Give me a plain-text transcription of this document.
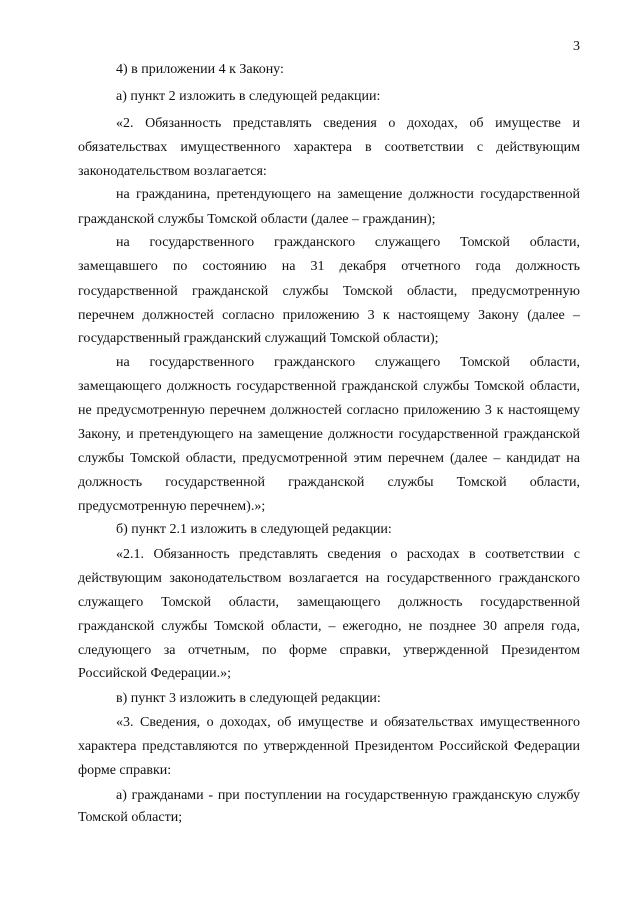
3
4) в приложении 4 к Закону:
а) пункт 2 изложить в следующей редакции:
«2. Обязанность представлять сведения о доходах, об имуществе и
обязательствах имущественного характера в соответствии с действующим
законодательством возлагается:
на гражданина, претендующего на замещение должности государственной
гражданской службы Томской области (далее – гражданин);
на государственного гражданского служащего Томской области,
замещавшего по состоянию на 31 декабря отчетного года должность
государственной гражданской службы Томской области, предусмотренную
перечнем должностей согласно приложению 3 к настоящему Закону (далее –
государственный гражданский служащий Томской области);
на государственного гражданского служащего Томской области,
замещающего должность государственной гражданской службы Томской области,
не предусмотренную перечнем должностей согласно приложению 3 к настоящему
Закону, и претендующего на замещение должности государственной гражданской
службы Томской области, предусмотренной этим перечнем (далее – кандидат на
должность государственной гражданской службы Томской области,
предусмотренную перечнем).»;
б) пункт 2.1 изложить в следующей редакции:
«2.1. Обязанность представлять сведения о расходах в соответствии с
действующим законодательством возлагается на государственного гражданского
служащего Томской области, замещающего должность государственной
гражданской службы Томской области, – ежегодно, не позднее 30 апреля года,
следующего за отчетным, по форме справки, утвержденной Президентом
Российской Федерации.»;
в) пункт 3 изложить в следующей редакции:
«3. Сведения, о доходах, об имуществе и обязательствах имущественного
характера представляются по утвержденной Президентом Российской Федерации
форме справки:
а) гражданами - при поступлении на государственную гражданскую службу
Томской области;
